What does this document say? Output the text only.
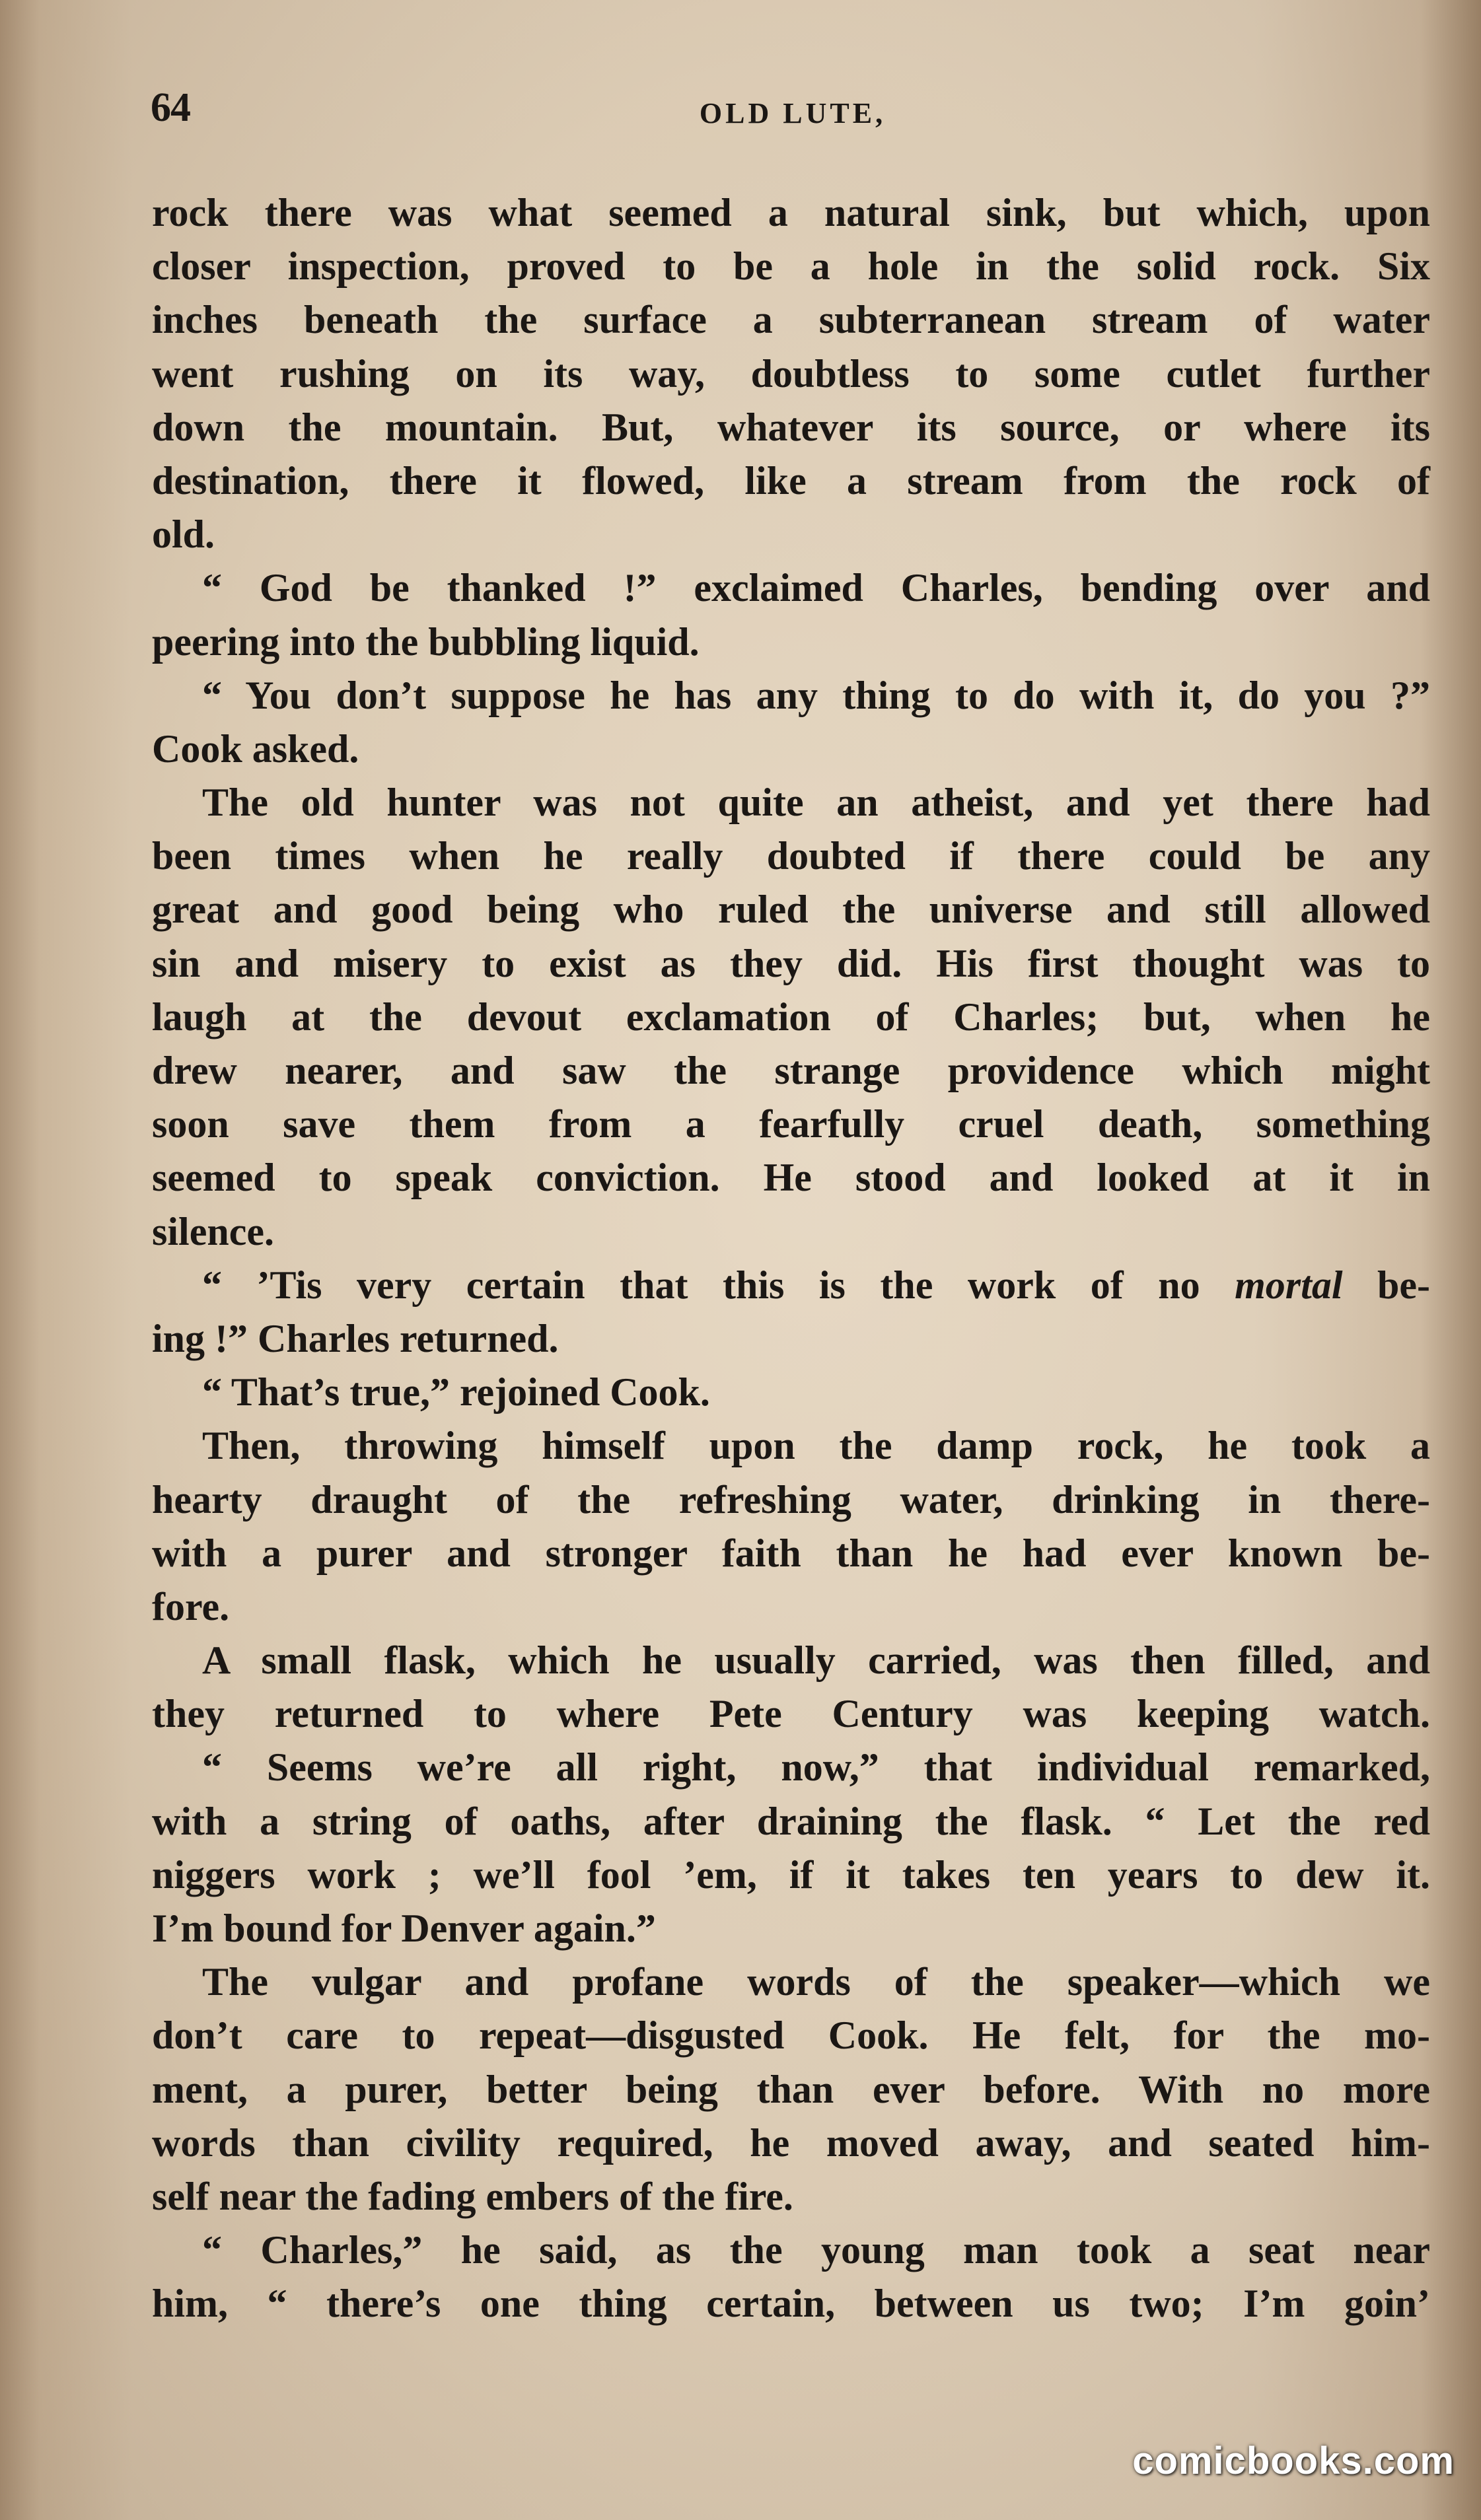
64	OLD LUTE,
rock there was what seemed a natural sink, but which, upon
closer inspection, proved to be a hole in the solid rock. Six
inches beneath the surface a subterranean stream of water
went rushing on its way, doubtless to some cutlet further
down the mountain. But, whatever its source, or where its
destination, there it flowed, like a stream from the rock of
old.
“ God be thanked !” exclaimed Charles, bending over and
peering into the bubbling liquid.
“ You don’t suppose he has any thing to do with it, do you ?”
Cook asked.
The old hunter was not quite an atheist, and yet there had
been times when he really doubted if there could be any
great and good being who ruled the universe and still allowed
sin and misery to exist as they did. His first thought was to
laugh at the devout exclamation of Charles; but, when he
drew nearer, and saw the strange providence which might
soon save them from a fearfully cruel death, something
seemed to speak conviction. He stood and looked at it in
silence.
“ ’Tis very certain that this is the work of no mortal be-
ing !” Charles returned.
“ That’s true,” rejoined Cook.
Then, throwing himself upon the damp rock, he took a
hearty draught of the refreshing water, drinking in there-
with a purer and stronger faith than he had ever known be-
fore.
A small flask, which he usually carried, was then filled, and
they returned to where Pete Century was keeping watch.
“ Seems we’re all right, now,” that individual remarked,
with a string of oaths, after draining the flask. “ Let the red
niggers work ; we’ll fool ’em, if it takes ten years to dew it.
I’m bound for Denver again.”
The vulgar and profane words of the speaker—which we
don’t care to repeat—disgusted Cook. He felt, for the mo-
ment, a purer, better being than ever before. With no more
words than civility required, he moved away, and seated him-
self near the fading embers of the fire.
“ Charles,” he said, as the young man took a seat near
him, “ there’s one thing certain, between us two; I’m goin’
comicbooks.com
